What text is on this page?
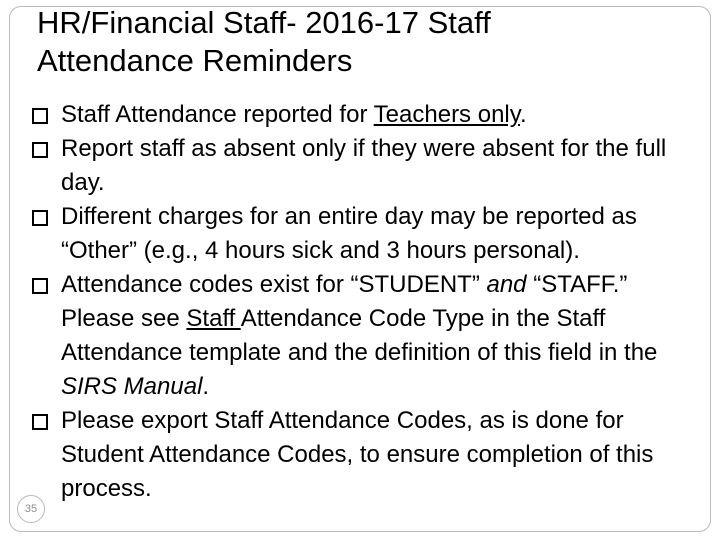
HR/Financial Staff- 2016-17 Staff
Attendance Reminders

Staff Attendance reported for Teachers only.

Report staff as absent only if they were absent for the full day.

Different charges for an entire day may be reported as “Other” (e.g., 4 hours sick and 3 hours personal).

Attendance codes exist for “STUDENT” and “STAFF.” Please see Staff Attendance Code Type in the Staff Attendance template and the definition of this field in the SIRS Manual.

Please export Staff Attendance Codes, as is done for Student Attendance Codes, to ensure completion of this process.

35
